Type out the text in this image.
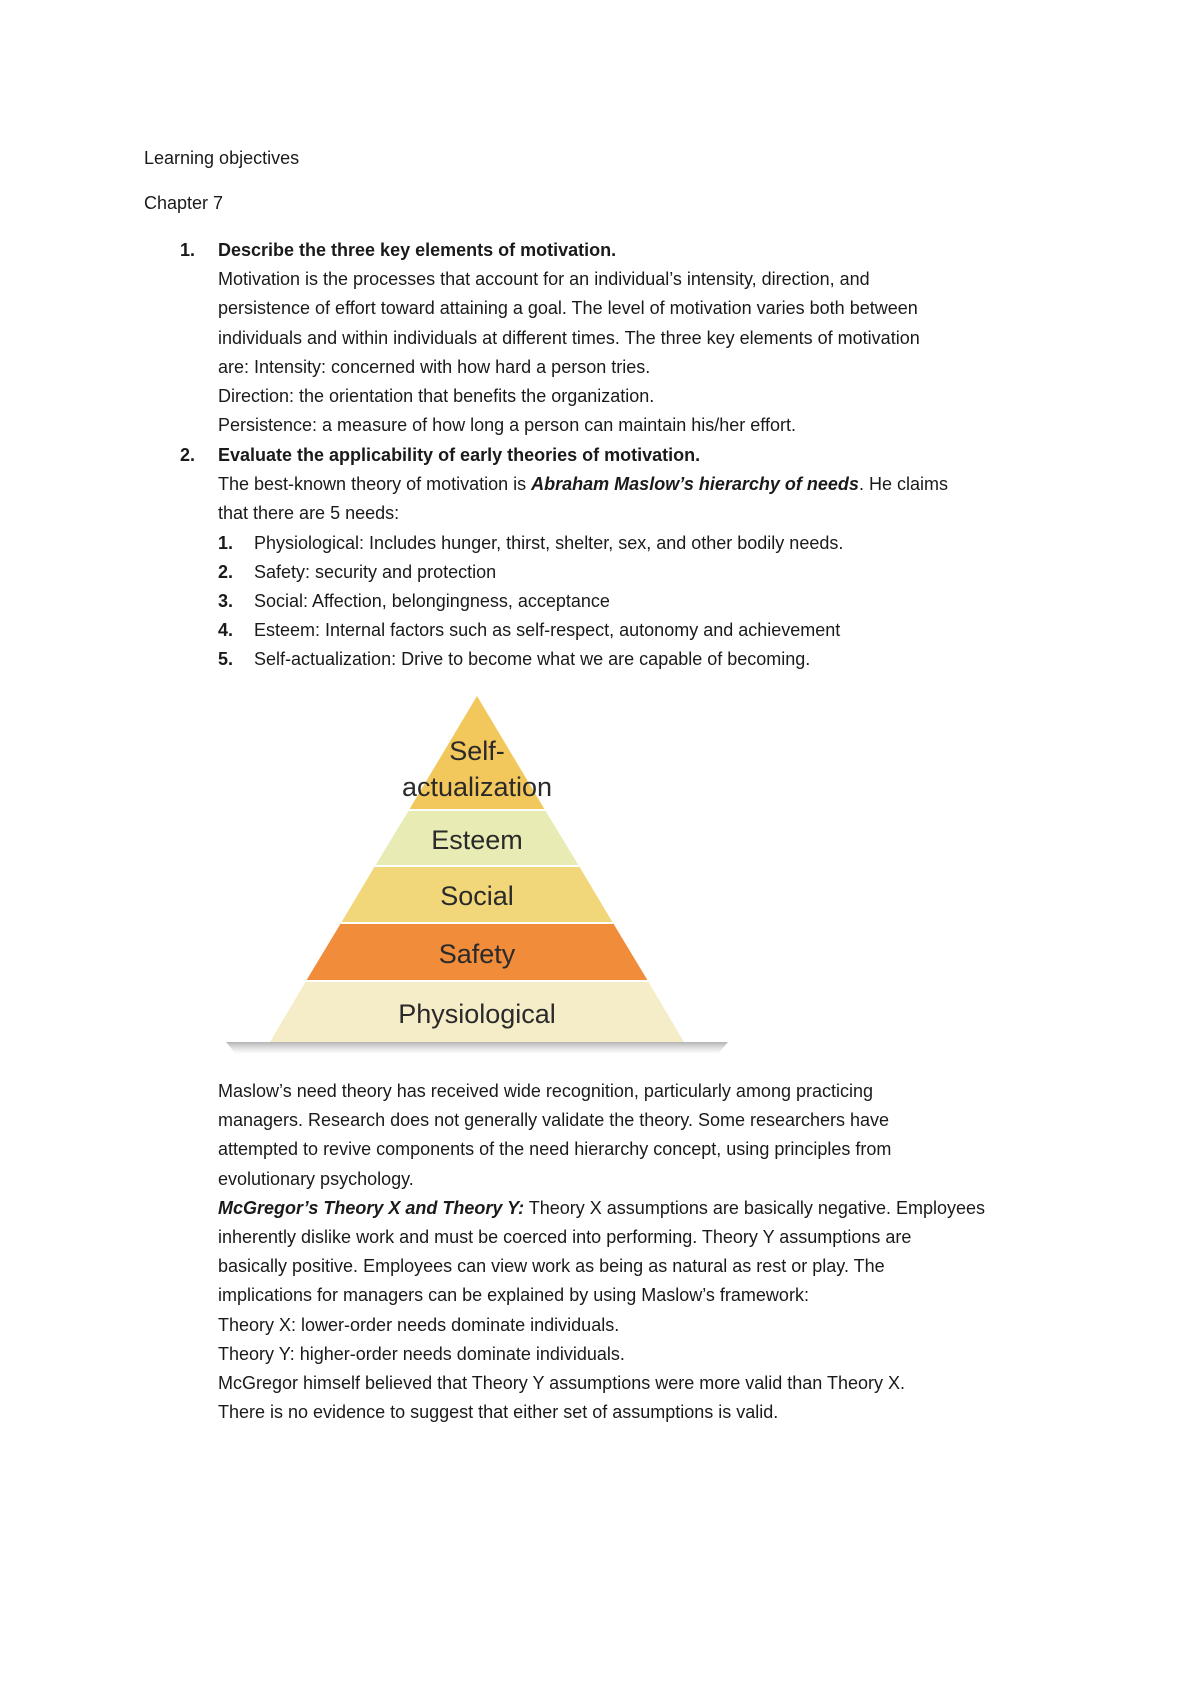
Learning objectives
Chapter 7
1. Describe the three key elements of motivation.
Motivation is the processes that account for an individual’s intensity, direction, and
persistence of effort toward attaining a goal. The level of motivation varies both between
individuals and within individuals at different times. The three key elements of motivation
are: Intensity: concerned with how hard a person tries.
Direction: the orientation that benefits the organization.
Persistence: a measure of how long a person can maintain his/her effort.
2. Evaluate the applicability of early theories of motivation.
The best-known theory of motivation is Abraham Maslow’s hierarchy of needs. He claims
that there are 5 needs:
1. Physiological: Includes hunger, thirst, shelter, sex, and other bodily needs.
2. Safety: security and protection
3. Social: Affection, belongingness, acceptance
4. Esteem: Internal factors such as self-respect, autonomy and achievement
5. Self-actualization: Drive to become what we are capable of becoming.
Self-
actualization
Esteem
Social
Safety
Physiological
Maslow’s need theory has received wide recognition, particularly among practicing
managers. Research does not generally validate the theory. Some researchers have
attempted to revive components of the need hierarchy concept, using principles from
evolutionary psychology.
McGregor’s Theory X and Theory Y: Theory X assumptions are basically negative. Employees
inherently dislike work and must be coerced into performing. Theory Y assumptions are
basically positive. Employees can view work as being as natural as rest or play. The
implications for managers can be explained by using Maslow’s framework:
Theory X: lower-order needs dominate individuals.
Theory Y: higher-order needs dominate individuals.
McGregor himself believed that Theory Y assumptions were more valid than Theory X.
There is no evidence to suggest that either set of assumptions is valid.
